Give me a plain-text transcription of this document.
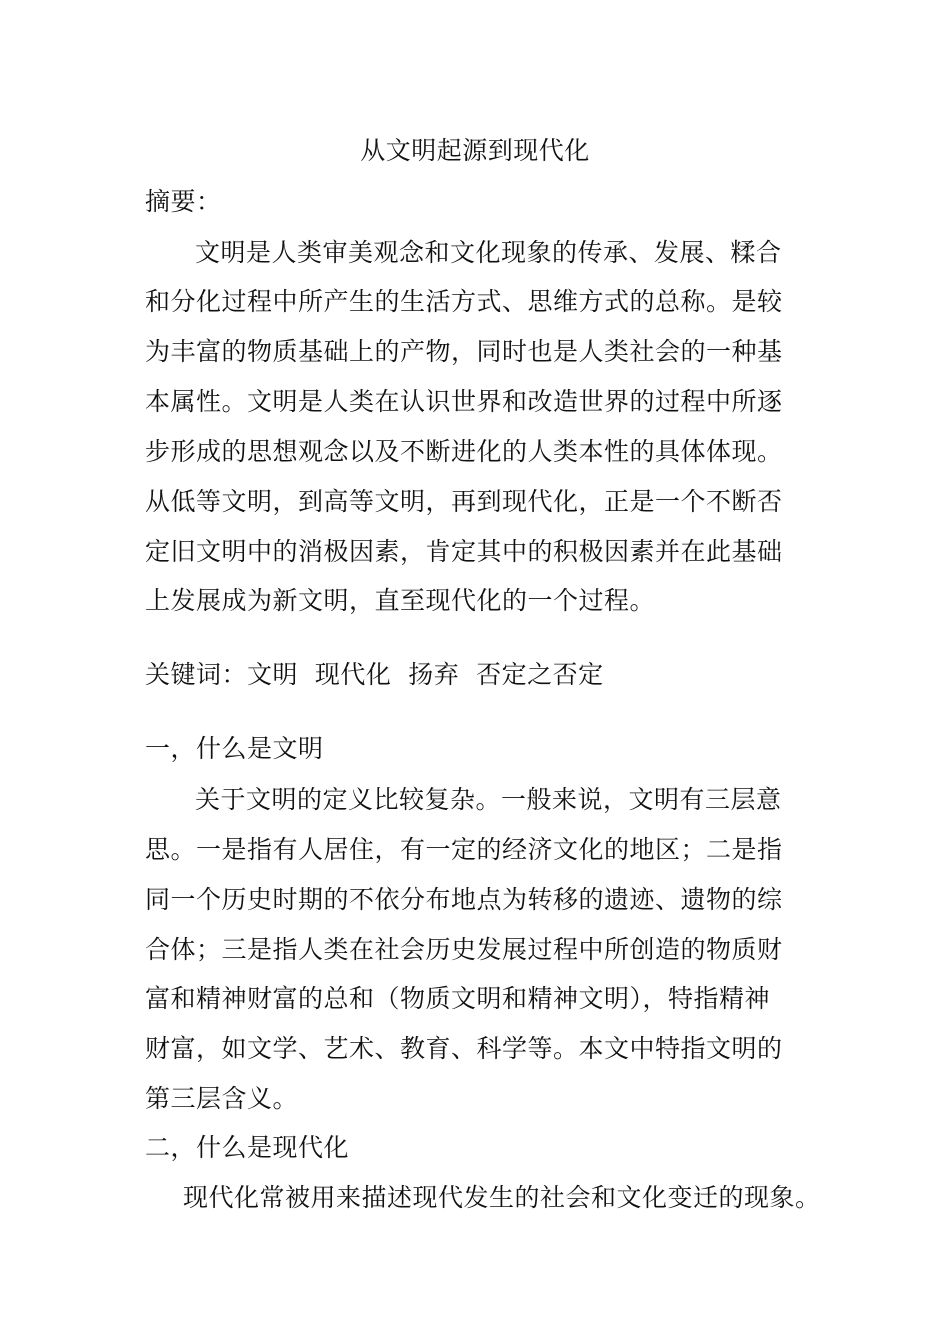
从文明起源到现代化
摘要：
文明是人类审美观念和文化现象的传承、发展、糅合
和分化过程中所产生的生活方式、思维方式的总称。是较
为丰富的物质基础上的产物，同时也是人类社会的一种基
本属性。文明是人类在认识世界和改造世界的过程中所逐
步形成的思想观念以及不断进化的人类本性的具体体现。
从低等文明，到高等文明，再到现代化，正是一个不断否
定旧文明中的消极因素，肯定其中的积极因素并在此基础
上发展成为新文明，直至现代化的一个过程。
关键词：文明  现代化  扬弃  否定之否定
一，什么是文明
关于文明的定义比较复杂。一般来说，文明有三层意
思。一是指有人居住，有一定的经济文化的地区；二是指
同一个历史时期的不依分布地点为转移的遗迹、遗物的综
合体；三是指人类在社会历史发展过程中所创造的物质财
富和精神财富的总和（物质文明和精神文明），特指精神
财富，如文学、艺术、教育、科学等。本文中特指文明的
第三层含义。
二，什么是现代化
现代化常被用来描述现代发生的社会和文化变迁的现象。
